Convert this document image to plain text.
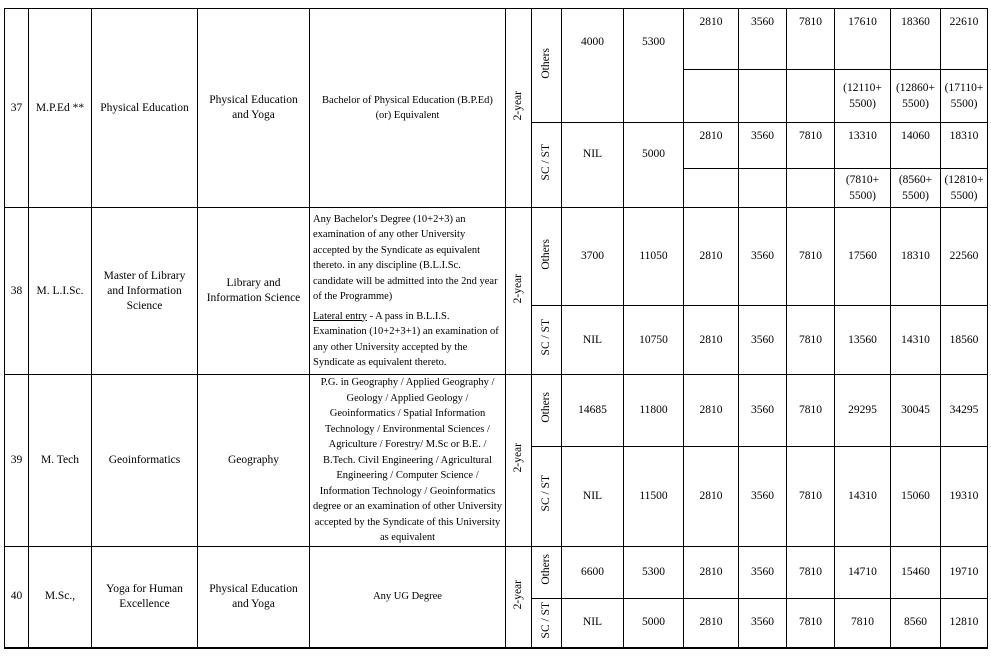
37	M.P.Ed **	Physical Education	Physical Education and Yoga	Bachelor of Physical Education (B.P.Ed) (or) Equivalent	2-year	Others	4000	5300	2810	3560	7810	17610	18360	22610
												(12110+ 5500)	(12860+ 5500)	(17110+ 5500)
						SC / ST	NIL	5000	2810	3560	7810	13310	14060	18310
												(7810+ 5500)	(8560+ 5500)	(12810+ 5500)
38	M. L.I.Sc.	Master of Library and Information Science	Library and Information Science	Any Bachelor's Degree (10+2+3) an examination of any other University accepted by the Syndicate as equivalent thereto. in any discipline (B.L.I.Sc. candidate will be admitted into the 2nd year of the Programme)

Lateral entry - A pass in B.L.I.S. Examination (10+2+3+1) an examination of any other University accepted by the Syndicate as equivalent thereto.	2-year	Others	3700	11050	2810	3560	7810	17560	18310	22560
						SC / ST	NIL	10750	2810	3560	7810	13560	14310	18560
39	M. Tech	Geoinformatics	Geography	P.G. in Geography / Applied Geography / Geology / Applied Geology / Geoinformatics / Spatial Information Technology / Environmental Sciences / Agriculture / Forestry/ M.Sc or B.E. / B.Tech. Civil Engineering / Agricultural Engineering / Computer Science / Information Technology / Geoinformatics degree or an examination of other University accepted by the Syndicate of this University as equivalent	2-year	Others	14685	11800	2810	3560	7810	29295	30045	34295
						SC / ST	NIL	11500	2810	3560	7810	14310	15060	19310
40	M.Sc.,	Yoga for Human Excellence	Physical Education and Yoga	Any UG Degree	2-year	Others	6600	5300	2810	3560	7810	14710	15460	19710
						SC / ST	NIL	5000	2810	3560	7810	7810	8560	12810
